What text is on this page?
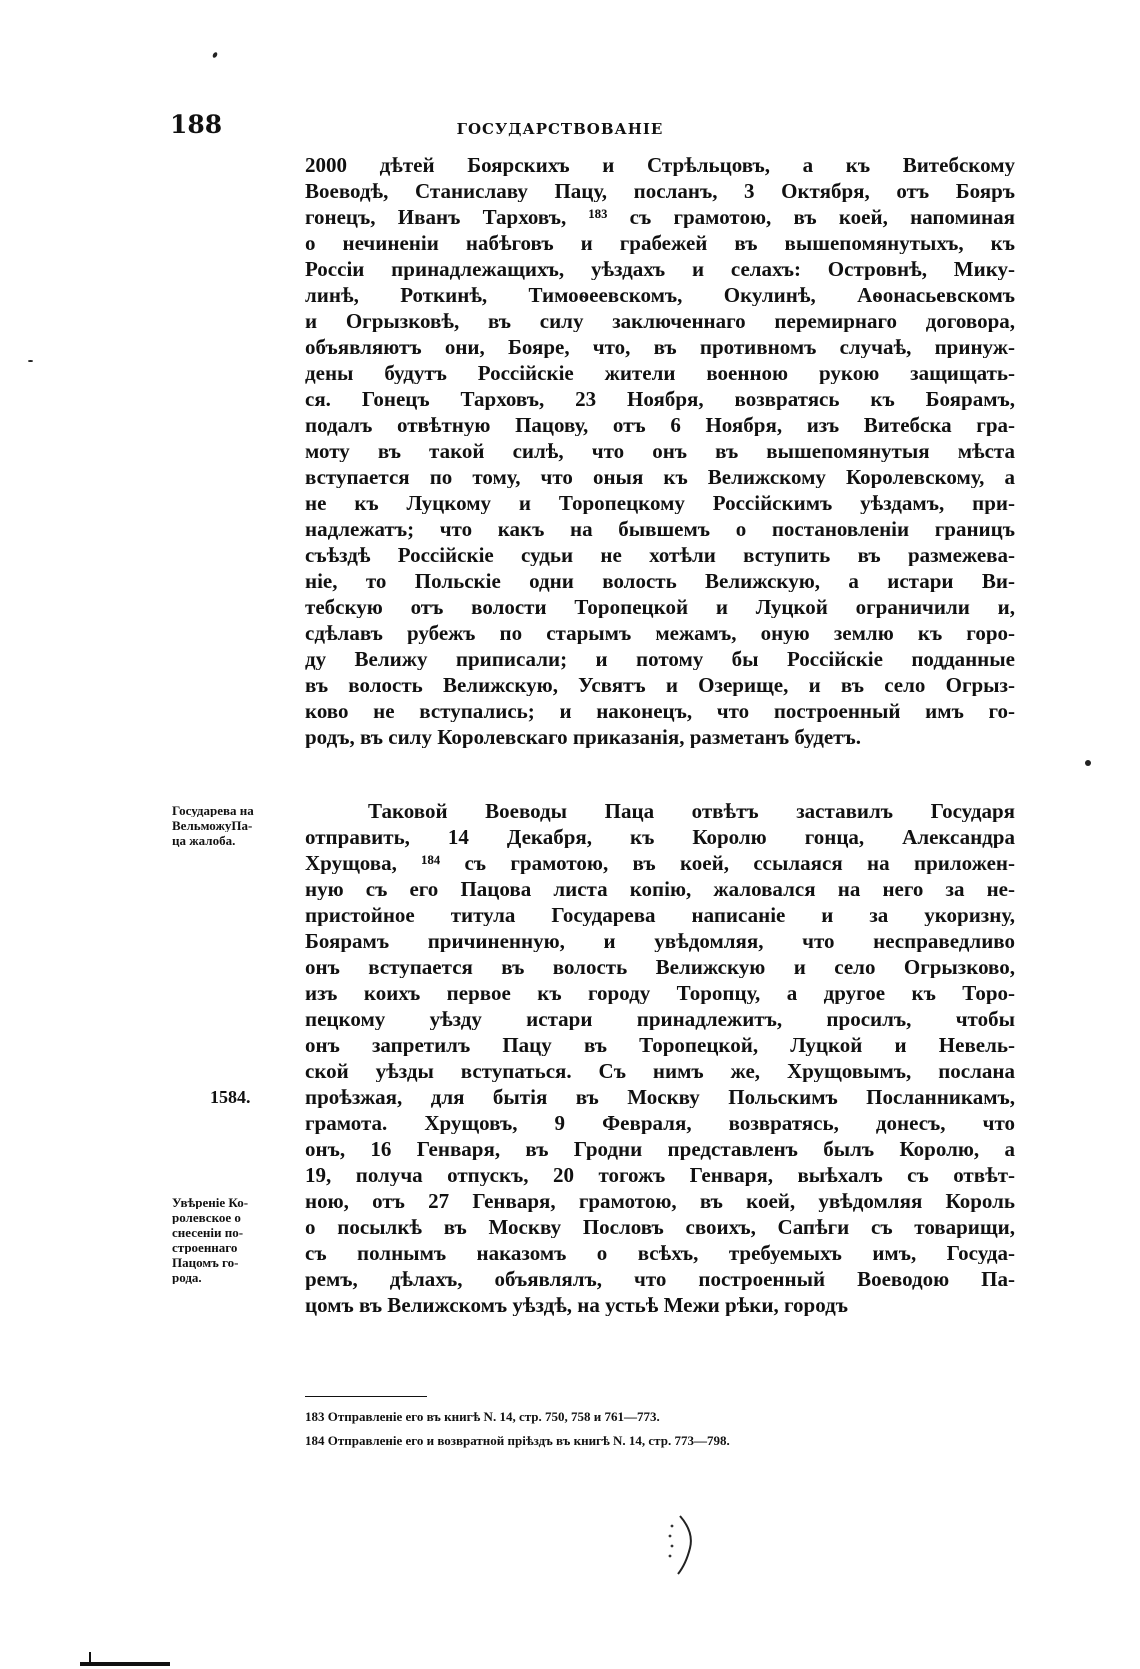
188	ГОСУДАРСТВОВАНІЕ
2000 дѣтей Боярскихъ и Стрѣльцовъ, а къ Витебскому
Воеводѣ, Станиславу Пацу, посланъ, 3 Октября, отъ Бояръ
гонецъ, Иванъ Тарховъ, ¹⁸³ съ грамотою, въ коей, напоминая
о нечиненіи набѣговъ и грабежей въ вышепомянутыхъ, къ
Россіи принадлежащихъ, уѣздахъ и селахъ: Островнѣ, Мику-
линѣ, Роткинѣ, Тимоѳеевскомъ, Окулинѣ, Аѳонасьевскомъ
и Огрызковѣ, въ силу заключеннаго перемирнаго договора,
объявляютъ они, Бояре, что, въ противномъ случаѣ, принуж-
дены будутъ Россійскіе жители военною рукою защищать-
ся. Гонецъ Тарховъ, 23 Ноября, возвратясь къ Боярамъ,
подалъ отвѣтную Пацову, отъ 6 Ноября, изъ Витебска гра-
моту въ такой силѣ, что онъ въ вышепомянутыя мѣста
вступается по тому, что оныя къ Велижскому Королевскому, а
не къ Луцкому и Торопецкому Россійскимъ уѣздамъ, при-
надлежатъ; что какъ на бывшемъ о постановленіи границъ
съѣздѣ Россійскіе судьи не хотѣли вступить въ размежева-
ніе, то Польскіе одни волость Велижскую, а истари Ви-
тебскую отъ волости Торопецкой и Луцкой ограничили и,
сдѣлавъ рубежъ по старымъ межамъ, оную землю къ горо-
ду Велижу приписали; и потому бы Россійскіе подданные
въ волость Велижскую, Усвятъ и Озерище, и въ село Огрыз-
ково не вступались; и наконецъ, что построенный имъ го-
родъ, въ силу Королевскаго приказанія, разметанъ будетъ.
Таковой Воеводы Паца отвѣтъ заставилъ Государя
отправить, 14 Декабря, къ Королю гонца, Александра
Хрущова, ¹⁸⁴ съ грамотою, въ коей, ссылаяся на приложен-
ную съ его Пацова листа копію, жаловался на него за не-
пристойное титула Государева написаніе и за укоризну,
Боярамъ причиненную, и увѣдомляя, что несправедливо
онъ вступается въ волость Велижскую и село Огрызково,
изъ коихъ первое къ городу Торопцу, а другое къ Торо-
пецкому уѣзду истари принадлежитъ, просилъ, чтобы
онъ запретилъ Пацу въ Торопецкой, Луцкой и Невель-
ской уѣзды вступаться. Съ нимъ же, Хрущовымъ, послана
проѣзжая, для бытія въ Москву Польскимъ Посланникамъ,
грамота. Хрущовъ, 9 Февраля, возвратясь, донесъ, что
онъ, 16 Генваря, въ Гродни представленъ былъ Королю, а
19, получа отпускъ, 20 тогожъ Генваря, выѣхалъ съ отвѣт-
ною, отъ 27 Генваря, грамотою, въ коей, увѣдомляя Король
о посылкѣ въ Москву Пословъ своихъ, Сапѣги съ товарищи,
съ полнымъ наказомъ о всѣхъ, требуемыхъ имъ, Госуда-
ремъ, дѣлахъ, объявлялъ, что построенный Воеводою Па-
цомъ въ Велижскомъ уѣздѣ, на устьѣ Межи рѣки, городъ
Государева на
ВельможуПа-
ца жалоба.
1584.
Увѣреніе Ко-
ролевское о
снесеніи по-
строеннаго
Пацомъ го-
рода.
183 Отправленіе его въ книгѣ N. 14, стр. 750, 758 и 761—773.
184 Отправленіе его и возвратной пріѣздъ въ книгѣ N. 14, стр. 773—798.
